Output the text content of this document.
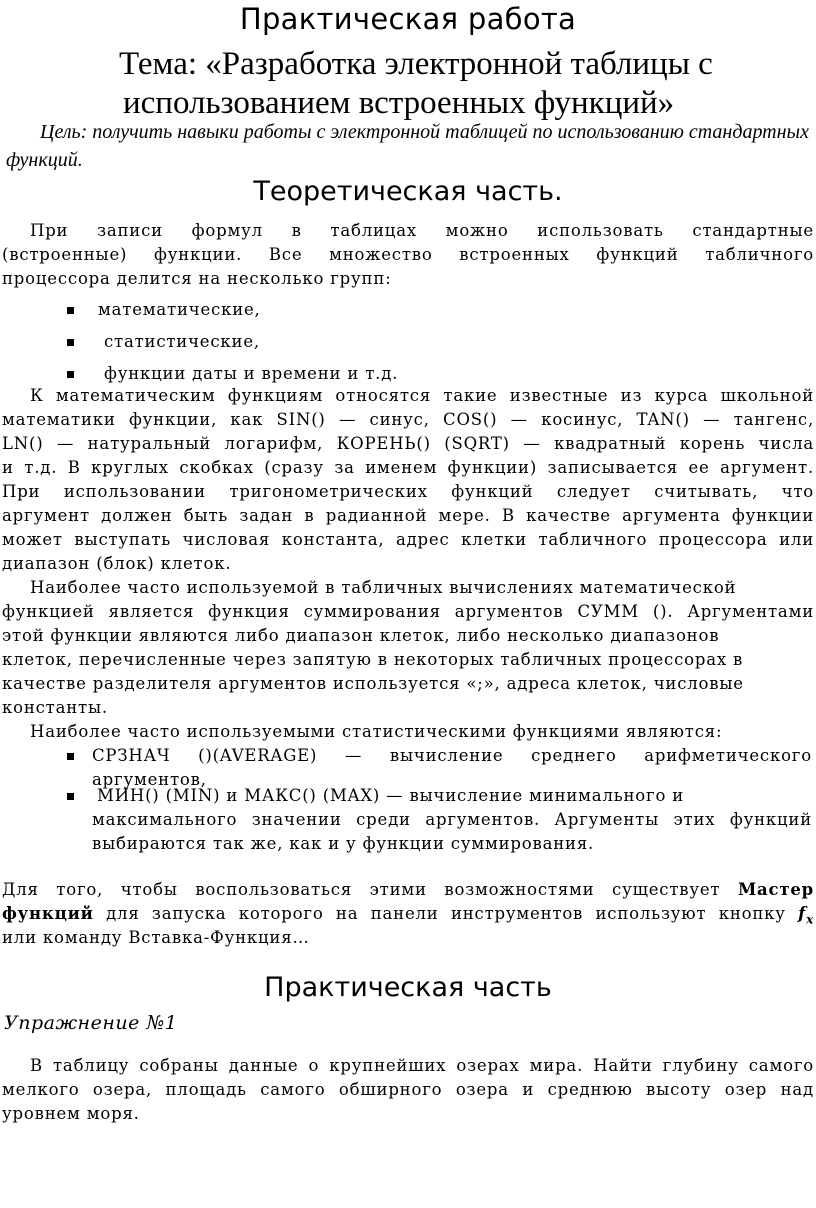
Практическая работа
Тема: «Разработка электронной таблицы с
использованием встроенных функций»
Цель: получить навыки работы с электронной таблицей по использованию стандартных функций.
Теоретическая часть.
При записи формул в таблицах можно использовать стандартные
(встроенные) функции. Все множество встроенных функций табличного
процессора делится на несколько групп:
математические,
статистические,
функции даты и времени и т.д.
К математическим функциям относятся такие известные из курса школьной
математики функции, как SIN() — синус, COS() — косинус, TAN() — тангенс,
LN() — натуральный логарифм, КОРЕНЬ() (SQRT) — квадратный корень числа
и т.д. В круглых скобках (сразу за именем функции) записывается ее аргумент.
При использовании тригонометрических функций следует считывать, что
аргумент должен быть задан в радианной мере. В качестве аргумента функции
может выступать числовая константа, адрес клетки табличного процессора или
диапазон (блок) клеток.
Наиболее часто используемой в табличных вычислениях математической
функцией является функция суммирования аргументов СУММ (). Аргументами
этой функции являются либо диапазон клеток, либо несколько диапазонов
клеток, перечисленные через запятую в некоторых табличных процессорах в
качестве разделителя аргументов используется «;», адреса клеток, числовые
константы.
Наиболее часто используемыми статистическими функциями являются:
СРЗНАЧ ()(AVERAGE) — вычисление среднего арифметического
аргументов,
МИН() (MIN) и МАКС() (MAX) — вычисление минимального и
максимального значении среди аргументов. Аргументы этих функций
выбираются так же, как и у функции суммирования.
Для того, чтобы воспользоваться этими возможностями существует Мастер
функций для запуска которого на панели инструментов используют кнопку $f_x$
или команду Вставка-Функция…
Практическая часть
Упражнение №1
В таблицу собраны данные о крупнейших озерах мира. Найти глубину самого
мелкого озера, площадь самого обширного озера и среднюю высоту озер над
уровнем моря.
